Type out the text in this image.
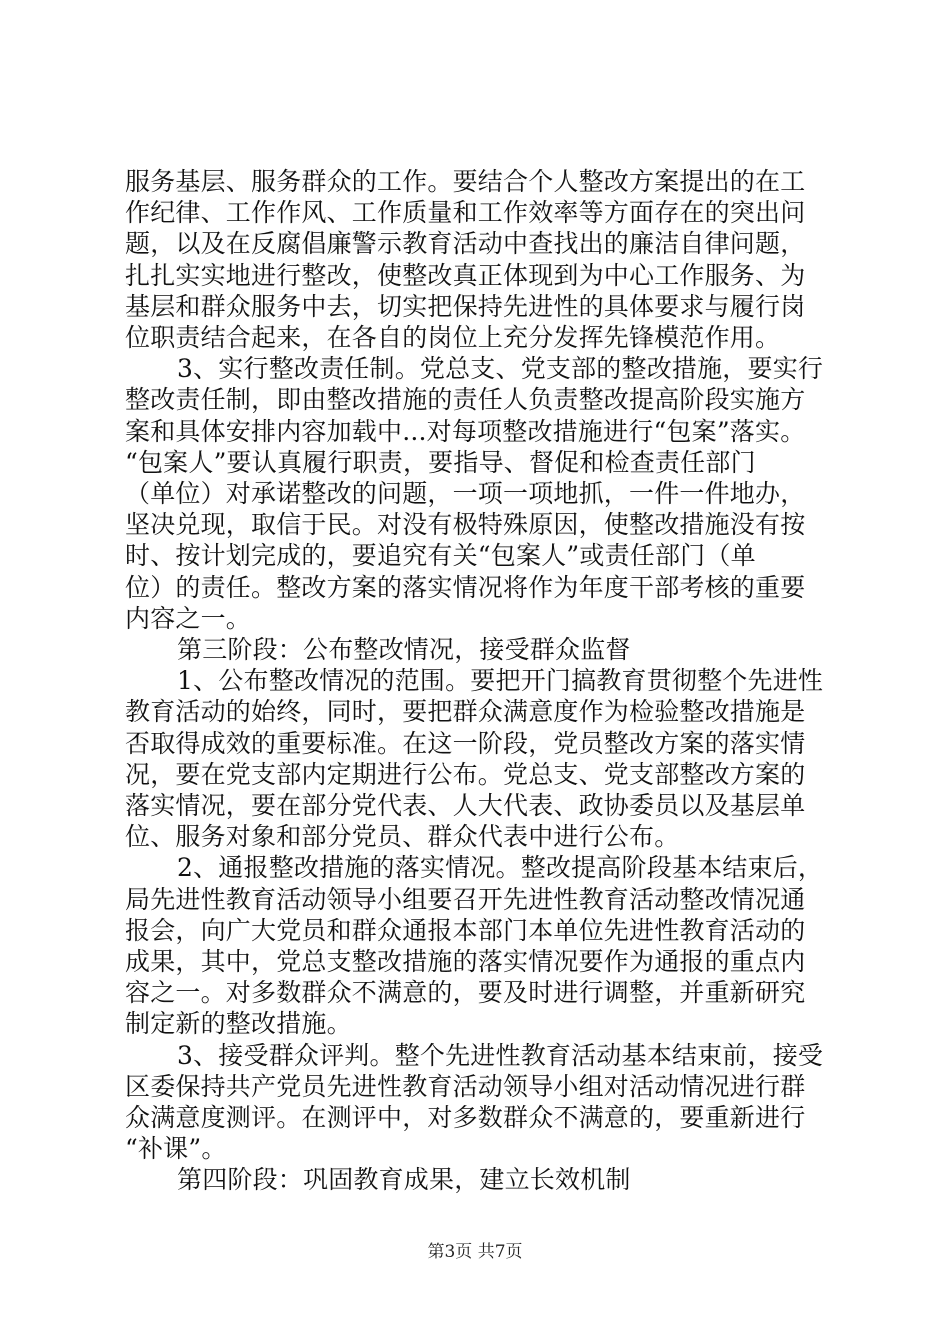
服务基层、服务群众的工作。要结合个人整改方案提出的在工
作纪律、工作作风、工作质量和工作效率等方面存在的突出问
题，以及在反腐倡廉警示教育活动中查找出的廉洁自律问题，
扎扎实实地进行整改，使整改真正体现到为中心工作服务、为
基层和群众服务中去，切实把保持先进性的具体要求与履行岗
位职责结合起来，在各自的岗位上充分发挥先锋模范作用。
3、实行整改责任制。党总支、党支部的整改措施，要实行
整改责任制，即由整改措施的责任人负责整改提高阶段实施方
案和具体安排内容加载中...对每项整改措施进行“包案”落实。
“包案人”要认真履行职责，要指导、督促和检查责任部门
（单位）对承诺整改的问题，一项一项地抓，一件一件地办，
坚决兑现，取信于民。对没有极特殊原因，使整改措施没有按
时、按计划完成的，要追究有关“包案人”或责任部门（单
位）的责任。整改方案的落实情况将作为年度干部考核的重要
内容之一。
第三阶段：公布整改情况，接受群众监督
1、公布整改情况的范围。要把开门搞教育贯彻整个先进性
教育活动的始终，同时，要把群众满意度作为检验整改措施是
否取得成效的重要标准。在这一阶段，党员整改方案的落实情
况，要在党支部内定期进行公布。党总支、党支部整改方案的
落实情况，要在部分党代表、人大代表、政协委员以及基层单
位、服务对象和部分党员、群众代表中进行公布。
2、通报整改措施的落实情况。整改提高阶段基本结束后，
局先进性教育活动领导小组要召开先进性教育活动整改情况通
报会，向广大党员和群众通报本部门本单位先进性教育活动的
成果，其中，党总支整改措施的落实情况要作为通报的重点内
容之一。对多数群众不满意的，要及时进行调整，并重新研究
制定新的整改措施。
3、接受群众评判。整个先进性教育活动基本结束前，接受
区委保持共产党员先进性教育活动领导小组对活动情况进行群
众满意度测评。在测评中，对多数群众不满意的，要重新进行
“补课”。
第四阶段：巩固教育成果，建立长效机制
第3页 共7页
